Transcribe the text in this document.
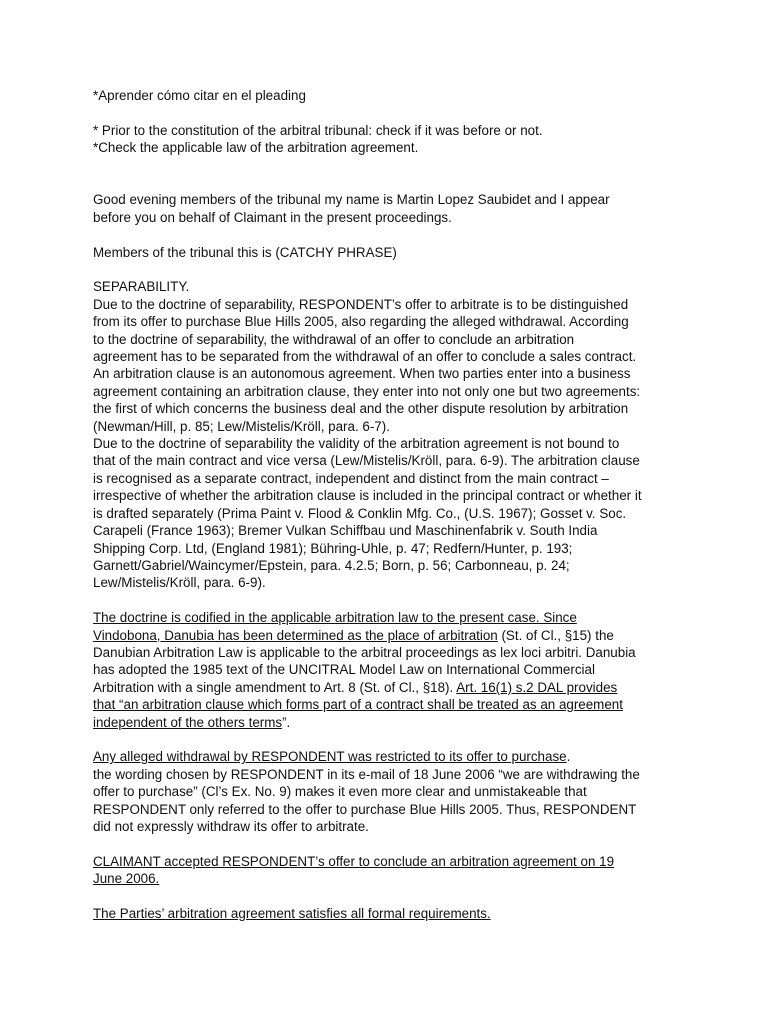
*Aprender cómo citar en el pleading
* Prior to the constitution of the arbitral tribunal: check if it was before or not.
*Check the applicable law of the arbitration agreement.
Good evening members of the tribunal my name is Martin Lopez Saubidet and I appear
before you on behalf of Claimant in the present proceedings.
Members of the tribunal this is (CATCHY PHRASE)
SEPARABILITY.
Due to the doctrine of separability, RESPONDENT’s offer to arbitrate is to be distinguished
from its offer to purchase Blue Hills 2005, also regarding the alleged withdrawal. According
to the doctrine of separability, the withdrawal of an offer to conclude an arbitration
agreement has to be separated from the withdrawal of an offer to conclude a sales contract.
An arbitration clause is an autonomous agreement. When two parties enter into a business
agreement containing an arbitration clause, they enter into not only one but two agreements:
the first of which concerns the business deal and the other dispute resolution by arbitration
(Newman/Hill, p. 85; Lew/Mistelis/Kröll, para. 6-7).
Due to the doctrine of separability the validity of the arbitration agreement is not bound to
that of the main contract and vice versa (Lew/Mistelis/Kröll, para. 6-9). The arbitration clause
is recognised as a separate contract, independent and distinct from the main contract –
irrespective of whether the arbitration clause is included in the principal contract or whether it
is drafted separately (Prima Paint v. Flood & Conklin Mfg. Co., (U.S. 1967); Gosset v. Soc.
Carapeli (France 1963); Bremer Vulkan Schiffbau und Maschinenfabrik v. South India
Shipping Corp. Ltd, (England 1981); Bühring-Uhle, p. 47; Redfern/Hunter, p. 193;
Garnett/Gabriel/Waincymer/Epstein, para. 4.2.5; Born, p. 56; Carbonneau, p. 24;
Lew/Mistelis/Kröll, para. 6-9).
The doctrine is codified in the applicable arbitration law to the present case. Since
Vindobona, Danubia has been determined as the place of arbitration (St. of Cl., §15) the
Danubian Arbitration Law is applicable to the arbitral proceedings as lex loci arbitri. Danubia
has adopted the 1985 text of the UNCITRAL Model Law on International Commercial
Arbitration with a single amendment to Art. 8 (St. of Cl., §18). Art. 16(1) s.2 DAL provides
that “an arbitration clause which forms part of a contract shall be treated as an agreement
independent of the others terms”.
Any alleged withdrawal by RESPONDENT was restricted to its offer to purchase.
the wording chosen by RESPONDENT in its e-mail of 18 June 2006 “we are withdrawing the
offer to purchase” (Cl’s Ex. No. 9) makes it even more clear and unmistakeable that
RESPONDENT only referred to the offer to purchase Blue Hills 2005. Thus, RESPONDENT
did not expressly withdraw its offer to arbitrate.
CLAIMANT accepted RESPONDENT’s offer to conclude an arbitration agreement on 19
June 2006.
The Parties’ arbitration agreement satisfies all formal requirements.
